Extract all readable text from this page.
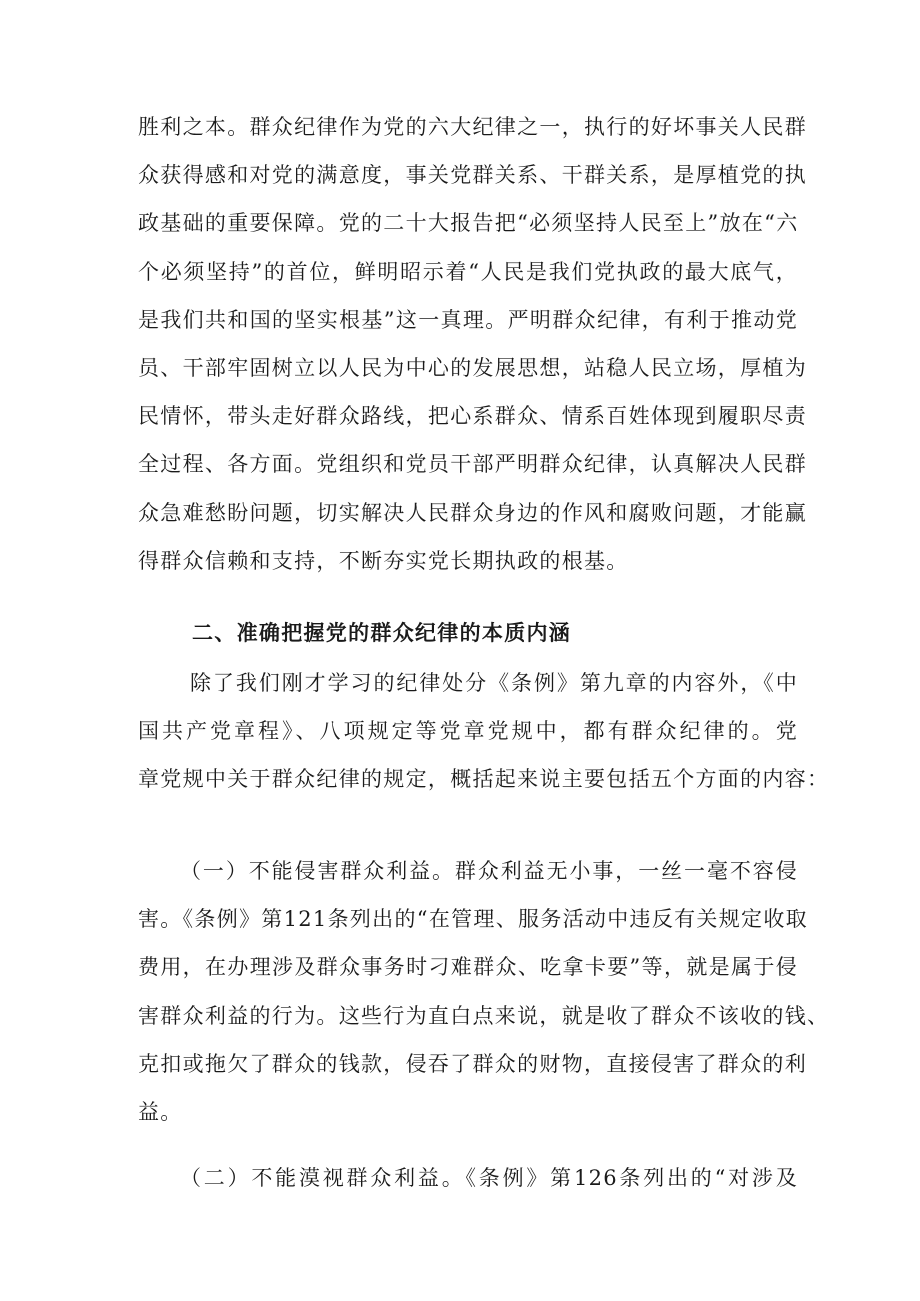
胜利之本。群众纪律作为党的六大纪律之一，执行的好坏事关人民群
众获得感和对党的满意度，事关党群关系、干群关系，是厚植党的执
政基础的重要保障。党的二十大报告把“必须坚持人民至上”放在“六
个必须坚持”的首位，鲜明昭示着“人民是我们党执政的最大底气，
是我们共和国的坚实根基”这一真理。严明群众纪律，有利于推动党
员、干部牢固树立以人民为中心的发展思想，站稳人民立场，厚植为
民情怀，带头走好群众路线，把心系群众、情系百姓体现到履职尽责
全过程、各方面。党组织和党员干部严明群众纪律，认真解决人民群
众急难愁盼问题，切实解决人民群众身边的作风和腐败问题，才能赢
得群众信赖和支持，不断夯实党长期执政的根基。
二、准确把握党的群众纪律的本质内涵
除了我们刚才学习的纪律处分《条例》第九章的内容外，《中
国共产党章程》、八项规定等党章党规中，都有群众纪律的。党
章党规中关于群众纪律的规定，概括起来说主要包括五个方面的内容：
（一）不能侵害群众利益。群众利益无小事，一丝一毫不容侵
害。《条例》第121条列出的“在管理、服务活动中违反有关规定收取
费用，在办理涉及群众事务时刁难群众、吃拿卡要”等，就是属于侵
害群众利益的行为。这些行为直白点来说，就是收了群众不该收的钱、
克扣或拖欠了群众的钱款，侵吞了群众的财物，直接侵害了群众的利
益。
（二）不能漠视群众利益。《条例》第126条列出的“对涉及
